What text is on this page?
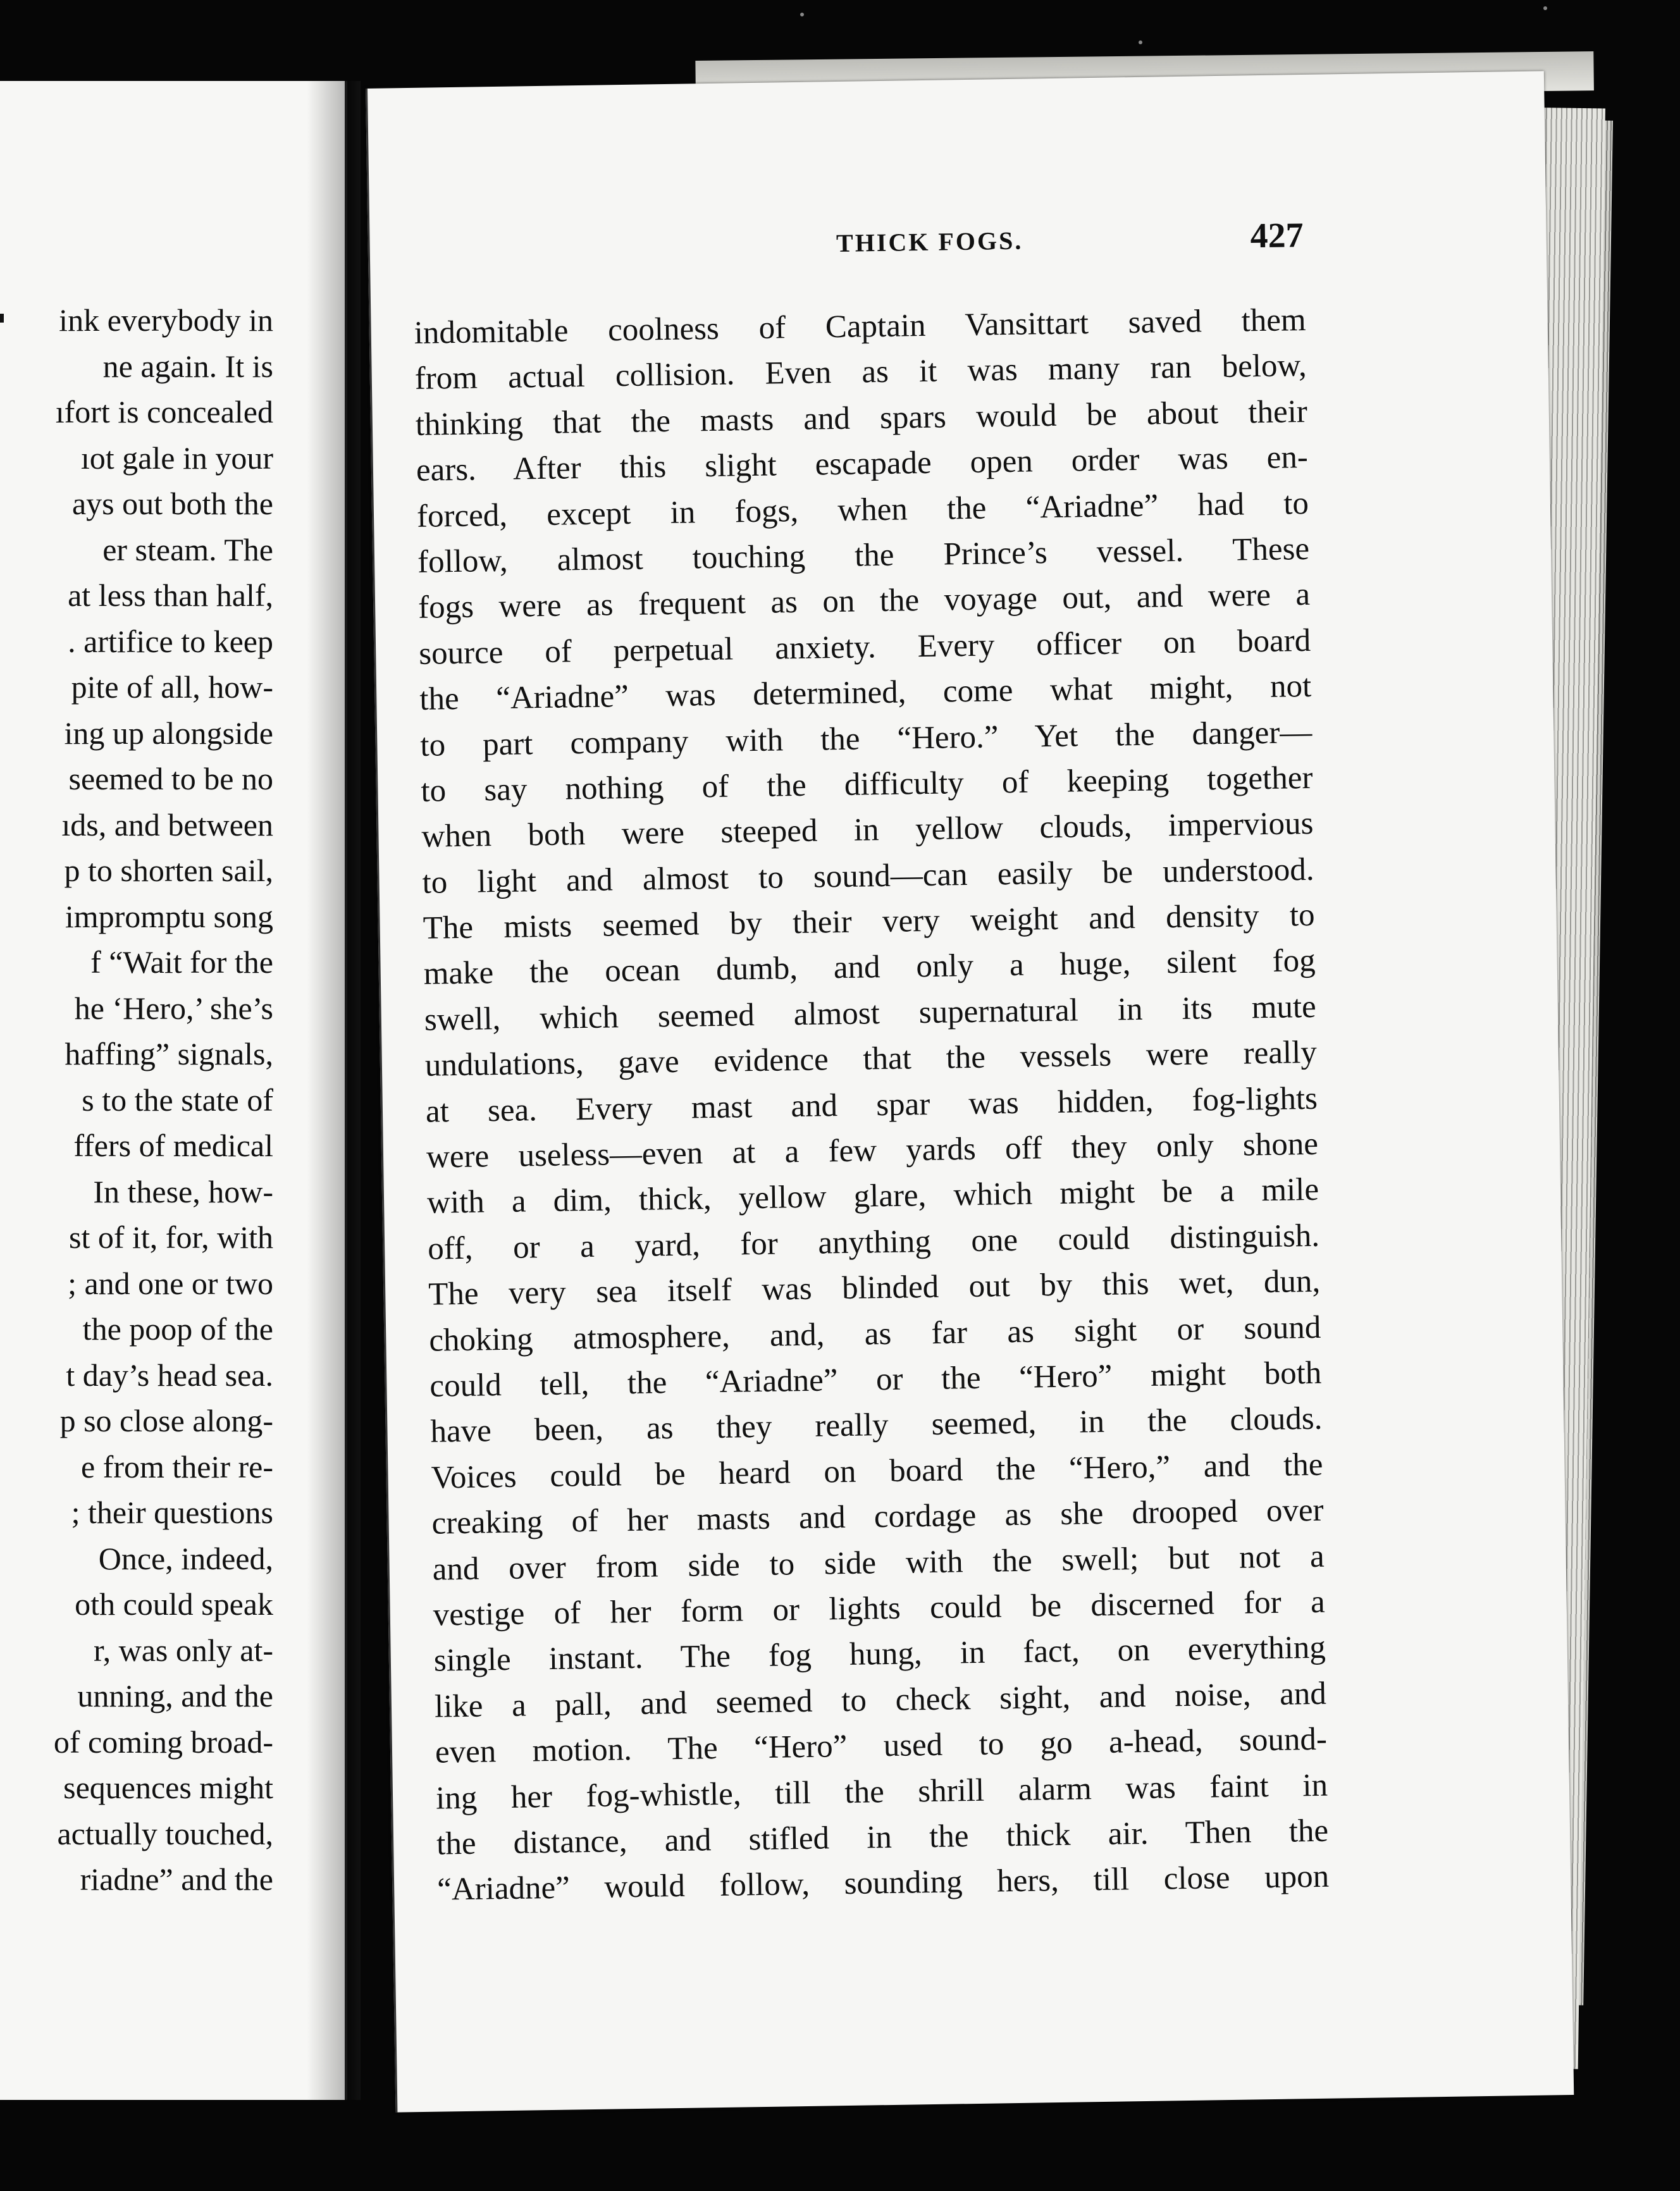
ink everybody in
ne again. It is
ıfort is concealed
ıot gale in your
ays out both the
er steam. The
at less than half,
. artifice to keep
pite of all, how-
ing up alongside
seemed to be no
ıds, and between
p to shorten sail,
impromptu song
f “Wait for the
he ‘Hero,’ she’s
haffing” signals,
s to the state of
ffers of medical
In these, how-
st of it, for, with
; and one or two
the poop of the
t day’s head sea.
p so close along-
e from their re-
; their questions
Once, indeed,
oth could speak
r, was only at-
unning, and the
of coming broad-
sequences might
actually touched,
riadne” and the
THICK FOGS.	427
indomitable coolness of Captain Vansittart saved them
from actual collision. Even as it was many ran below,
thinking that the masts and spars would be about their
ears. After this slight escapade open order was en-
forced, except in fogs, when the “Ariadne” had to
follow, almost touching the Prince’s vessel. These
fogs were as frequent as on the voyage out, and were a
source of perpetual anxiety. Every officer on board
the “Ariadne” was determined, come what might, not
to part company with the “Hero.” Yet the danger—
to say nothing of the difficulty of keeping together
when both were steeped in yellow clouds, impervious
to light and almost to sound—can easily be understood.
The mists seemed by their very weight and density to
make the ocean dumb, and only a huge, silent fog
swell, which seemed almost supernatural in its mute
undulations, gave evidence that the vessels were really
at sea. Every mast and spar was hidden, fog-lights
were useless—even at a few yards off they only shone
with a dim, thick, yellow glare, which might be a mile
off, or a yard, for anything one could distinguish.
The very sea itself was blinded out by this wet, dun,
choking atmosphere, and, as far as sight or sound
could tell, the “Ariadne” or the “Hero” might both
have been, as they really seemed, in the clouds.
Voices could be heard on board the “Hero,” and the
creaking of her masts and cordage as she drooped over
and over from side to side with the swell; but not a
vestige of her form or lights could be discerned for a
single instant. The fog hung, in fact, on everything
like a pall, and seemed to check sight, and noise, and
even motion. The “Hero” used to go a-head, sound-
ing her fog-whistle, till the shrill alarm was faint in
the distance, and stifled in the thick air. Then the
“Ariadne” would follow, sounding hers, till close upon
